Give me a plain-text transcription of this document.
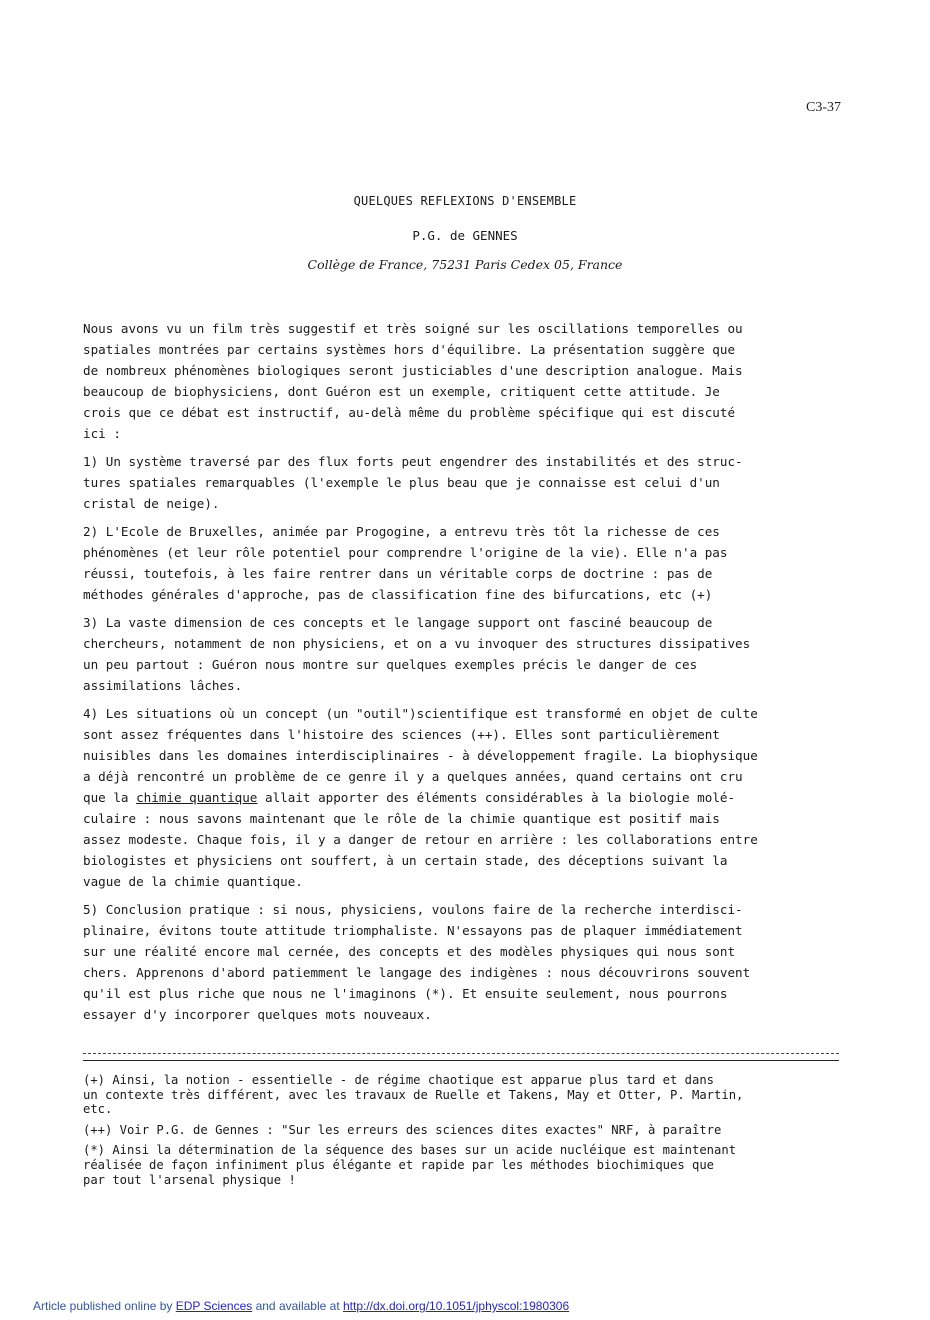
C3-37
QUELQUES REFLEXIONS D'ENSEMBLE
P.G. de GENNES
Collège de France, 75231 Paris Cedex 05, France

Nous avons vu un film très suggestif et très soigné sur les oscillations temporelles ou
spatiales montrées par certains systèmes hors d'équilibre. La présentation suggère que
de nombreux phénomènes biologiques seront justiciables d'une description analogue. Mais
beaucoup de biophysiciens, dont Guéron est un exemple, critiquent cette attitude. Je
crois que ce débat est instructif, au-delà même du problème spécifique qui est discuté
ici :

1) Un système traversé par des flux forts peut engendrer des instabilités et des struc-
tures spatiales remarquables (l'exemple le plus beau que je connaisse est celui d'un
cristal de neige).

2) L'Ecole de Bruxelles, animée par Progogine, a entrevu très tôt la richesse de ces
phénomènes (et leur rôle potentiel pour comprendre l'origine de la vie). Elle n'a pas
réussi, toutefois, à les faire rentrer dans un véritable corps de doctrine : pas de
méthodes générales d'approche, pas de classification fine des bifurcations, etc (+)

3) La vaste dimension de ces concepts et le langage support ont fasciné beaucoup de
chercheurs, notamment de non physiciens, et on a vu invoquer des structures dissipatives
un peu partout : Guéron nous montre sur quelques exemples précis le danger de ces
assimilations lâches.

4) Les situations où un concept (un "outil")scientifique est transformé en objet de culte
sont assez fréquentes dans l'histoire des sciences (++). Elles sont particulièrement
nuisibles dans les domaines interdisciplinaires - à développement fragile. La biophysique
a déjà rencontré un problème de ce genre il y a quelques années, quand certains ont cru
que la chimie quantique allait apporter des éléments considérables à la biologie molé-
culaire : nous savons maintenant que le rôle de la chimie quantique est positif mais
assez modeste. Chaque fois, il y a danger de retour en arrière : les collaborations entre
biologistes et physiciens ont souffert, à un certain stade, des déceptions suivant la
vague de la chimie quantique.

5) Conclusion pratique : si nous, physiciens, voulons faire de la recherche interdisci-
plinaire, évitons toute attitude triomphaliste. N'essayons pas de plaquer immédiatement
sur une réalité encore mal cernée, des concepts et des modèles physiques qui nous sont
chers. Apprenons d'abord patiemment le langage des indigènes : nous découvrirons souvent
qu'il est plus riche que nous ne l'imaginons (*). Et ensuite seulement, nous pourrons
essayer d'y incorporer quelques mots nouveaux.

(+) Ainsi, la notion - essentielle - de régime chaotique est apparue plus tard et dans
un contexte très différent, avec les travaux de Ruelle et Takens, May et Otter, P. Martin,
etc.

(++) Voir P.G. de Gennes : "Sur les erreurs des sciences dites exactes" NRF, à paraître

(*) Ainsi la détermination de la séquence des bases sur un acide nucléique est maintenant
réalisée de façon infiniment plus élégante et rapide par les méthodes biochimiques que
par tout l'arsenal physique !

Article published online by EDP Sciences and available at http://dx.doi.org/10.1051/jphyscol:1980306
